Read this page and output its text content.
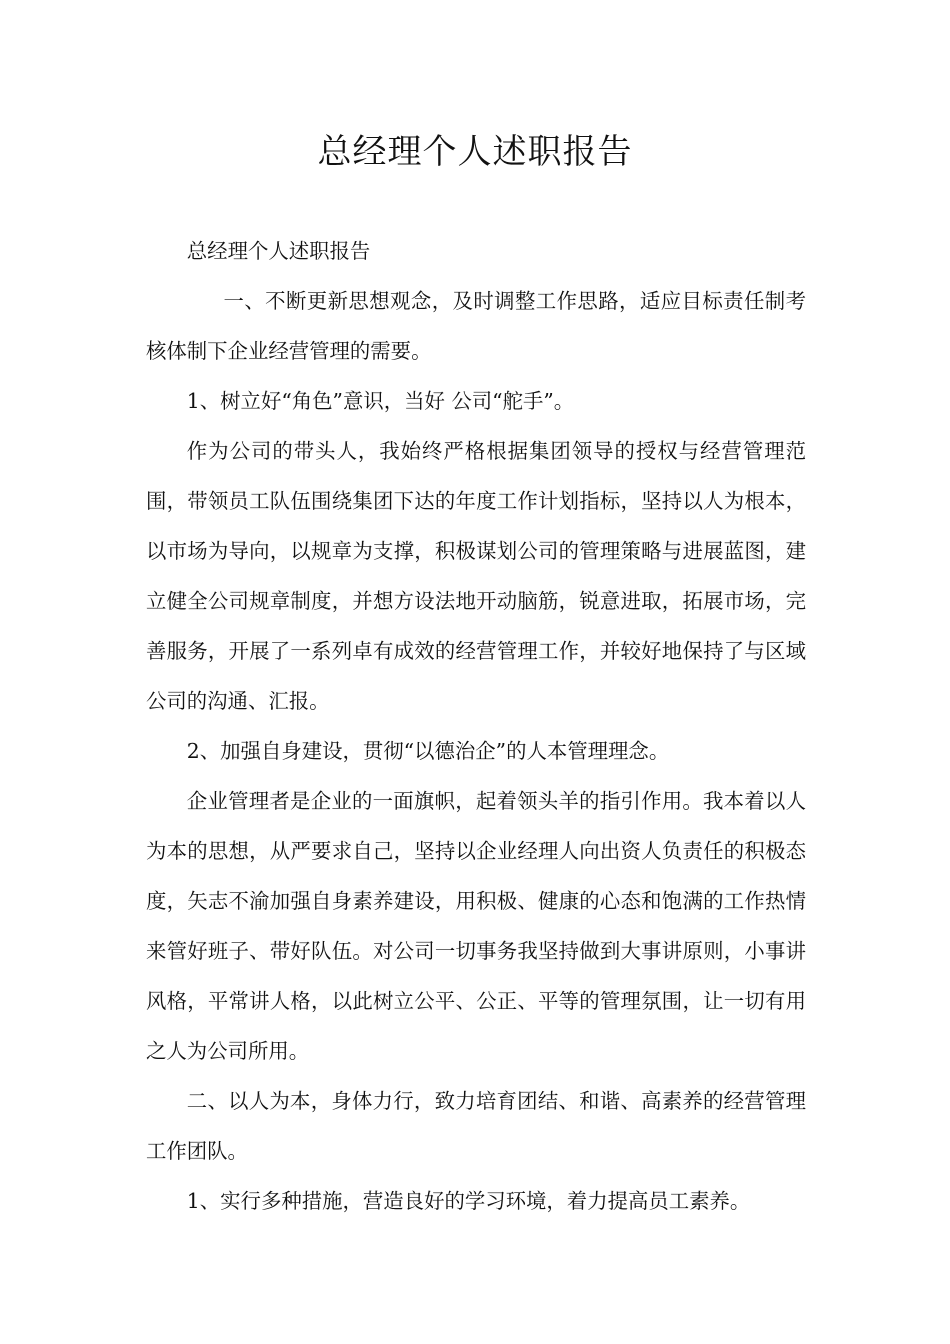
总经理个人述职报告

总经理个人述职报告

一、不断更新思想观念，及时调整工作思路，适应目标责任制考核体制下企业经营管理的需要。

1、树立好“角色”意识，当好 公司“舵手”。

作为公司的带头人，我始终严格根据集团领导的授权与经营管理范围，带领员工队伍围绕集团下达的年度工作计划指标，坚持以人为根本，以市场为导向，以规章为支撑，积极谋划公司的管理策略与进展蓝图，建立健全公司规章制度，并想方设法地开动脑筋，锐意进取，拓展市场，完善服务，开展了一系列卓有成效的经营管理工作，并较好地保持了与区域公司的沟通、汇报。

2、加强自身建设，贯彻“以德治企”的人本管理理念。

企业管理者是企业的一面旗帜，起着领头羊的指引作用。我本着以人为本的思想，从严要求自己，坚持以企业经理人向出资人负责任的积极态度，矢志不渝加强自身素养建设，用积极、健康的心态和饱满的工作热情来管好班子、带好队伍。对公司一切事务我坚持做到大事讲原则，小事讲风格，平常讲人格，以此树立公平、公正、平等的管理氛围，让一切有用之人为公司所用。

二、以人为本，身体力行，致力培育团结、和谐、高素养的经营管理工作团队。

1、实行多种措施，营造良好的学习环境，着力提高员工素养。
